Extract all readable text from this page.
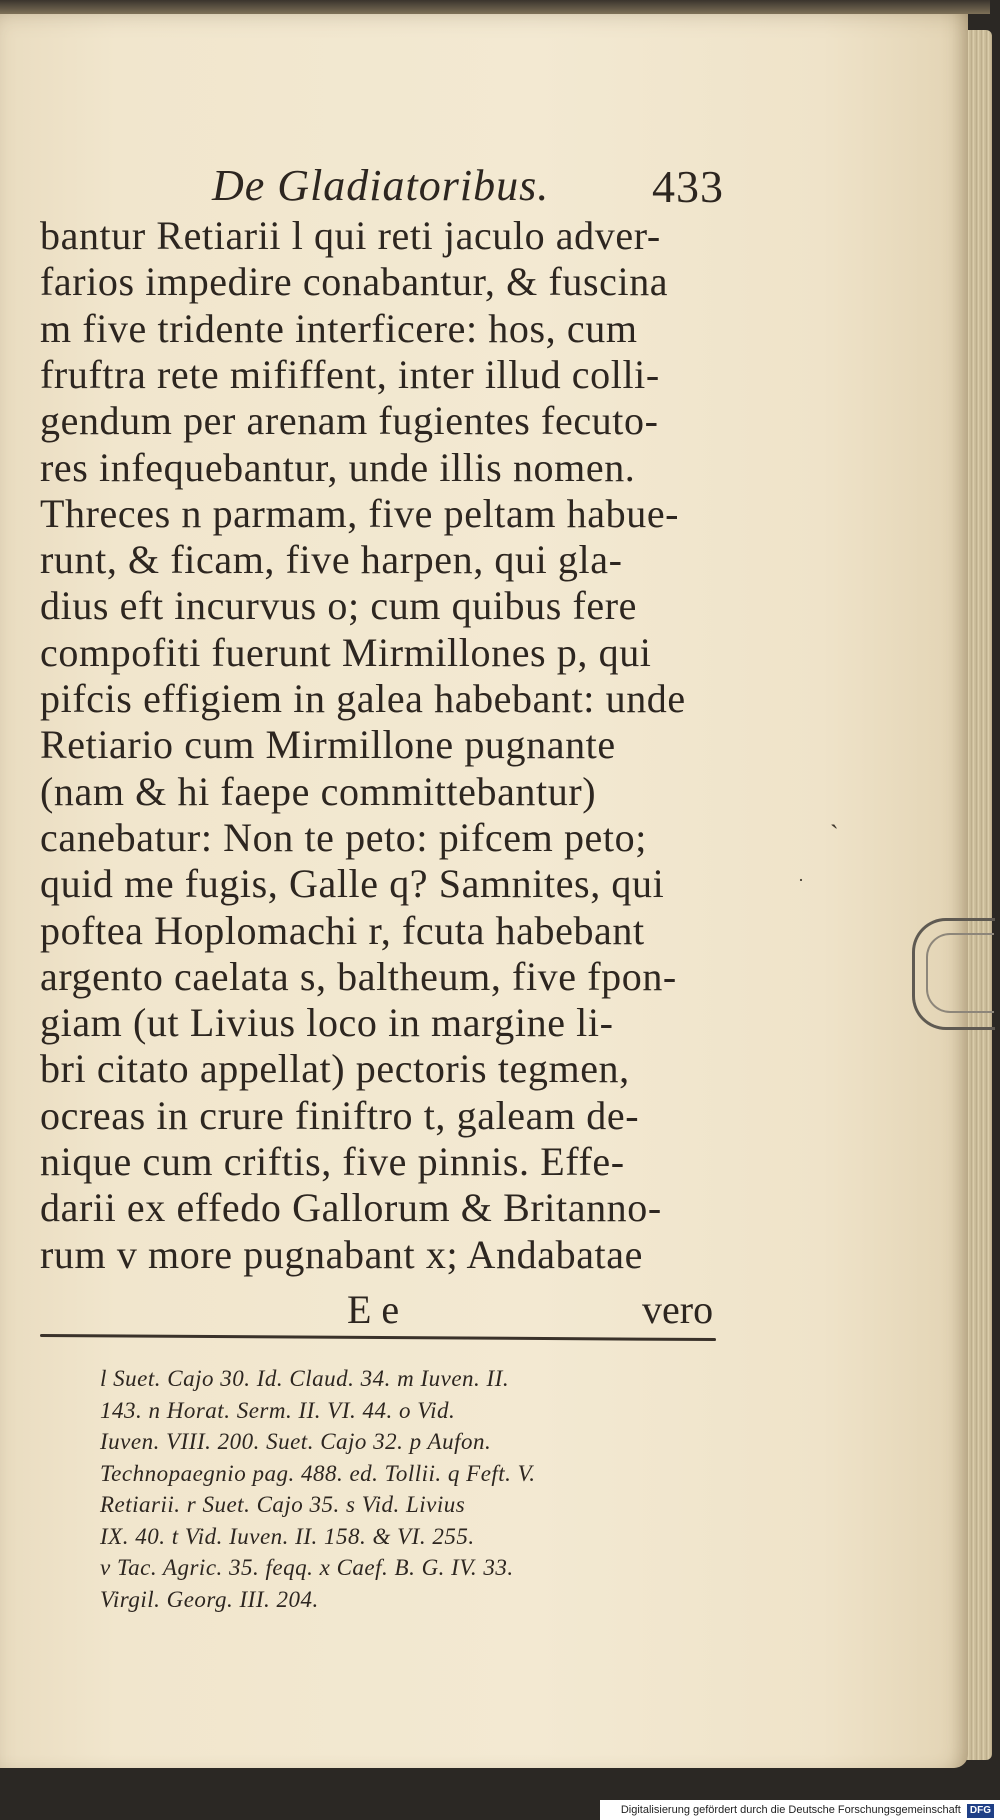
`
·
De Gladiatoribus. 433
bantur Retiarii l qui reti jaculo adver-
farios impedire conabantur, & fuscina
m five tridente interficere: hos, cum
fruftra rete mififfent, inter illud colli-
gendum per arenam fugientes fecuto-
res infequebantur, unde illis nomen.
Threces n parmam, five peltam habue-
runt, & ficam, five harpen, qui gla-
dius eft incurvus o; cum quibus fere
compofiti fuerunt Mirmillones p, qui
pifcis effigiem in galea habebant: unde
Retiario cum Mirmillone pugnante
(nam & hi faepe committebantur)
canebatur: Non te peto: pifcem peto;
quid me fugis, Galle q? Samnites, qui
poftea Hoplomachi r, fcuta habebant
argento caelata s, baltheum, five fpon-
giam (ut Livius loco in margine li-
bri citato appellat) pectoris tegmen,
ocreas in crure finiftro t, galeam de-
nique cum criftis, five pinnis. Effe-
darii ex effedo Gallorum & Britanno-
rum v more pugnabant x; Andabatae
E e	vero
l Suet. Cajo 30. Id. Claud. 34. m Iuven. II.
143. n Horat. Serm. II. VI. 44. o Vid.
Iuven. VIII. 200. Suet. Cajo 32. p Aufon.
Technopaegnio pag. 488. ed. Tollii. q Feft. V.
Retiarii. r Suet. Cajo 35. s Vid. Livius
IX. 40. t Vid. Iuven. II. 158. & VI. 255.
v Tac. Agric. 35. feqq. x Caef. B. G. IV. 33.
Virgil. Georg. III. 204.
Digitalisierung gefördert durch die Deutsche Forschungsgemeinschaft DFG
